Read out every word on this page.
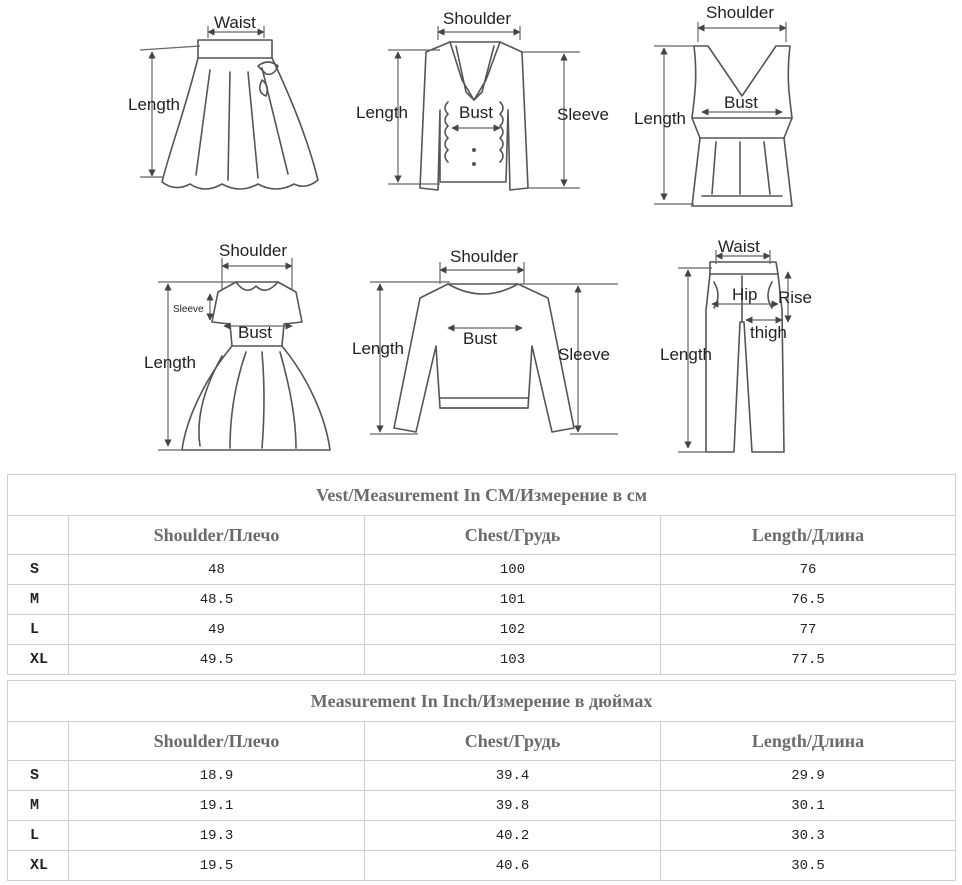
Waist
Length
Shoulder
Length	Bust	Sleeve
Shoulder
Bust
Length
Shoulder
Sleeve
Bust
Length
Shoulder
Length
Bust
Sleeve
Waist
Hip Rise
thigh
Length
Vest/Measurement In CM/Измерение в см			
	Shoulder/Плечо	Chest/Грудь	Length/Длина
S	48	100	76
M	48.5	101	76.5
L	49	102	77
XL	49.5	103	77.5
Measurement In Inch/Измерение в дюймах			
	Shoulder/Плечо	Chest/Грудь	Length/Длина
S	18.9	39.4	29.9
M	19.1	39.8	30.1
L	19.3	40.2	30.3
XL	19.5	40.6	30.5
